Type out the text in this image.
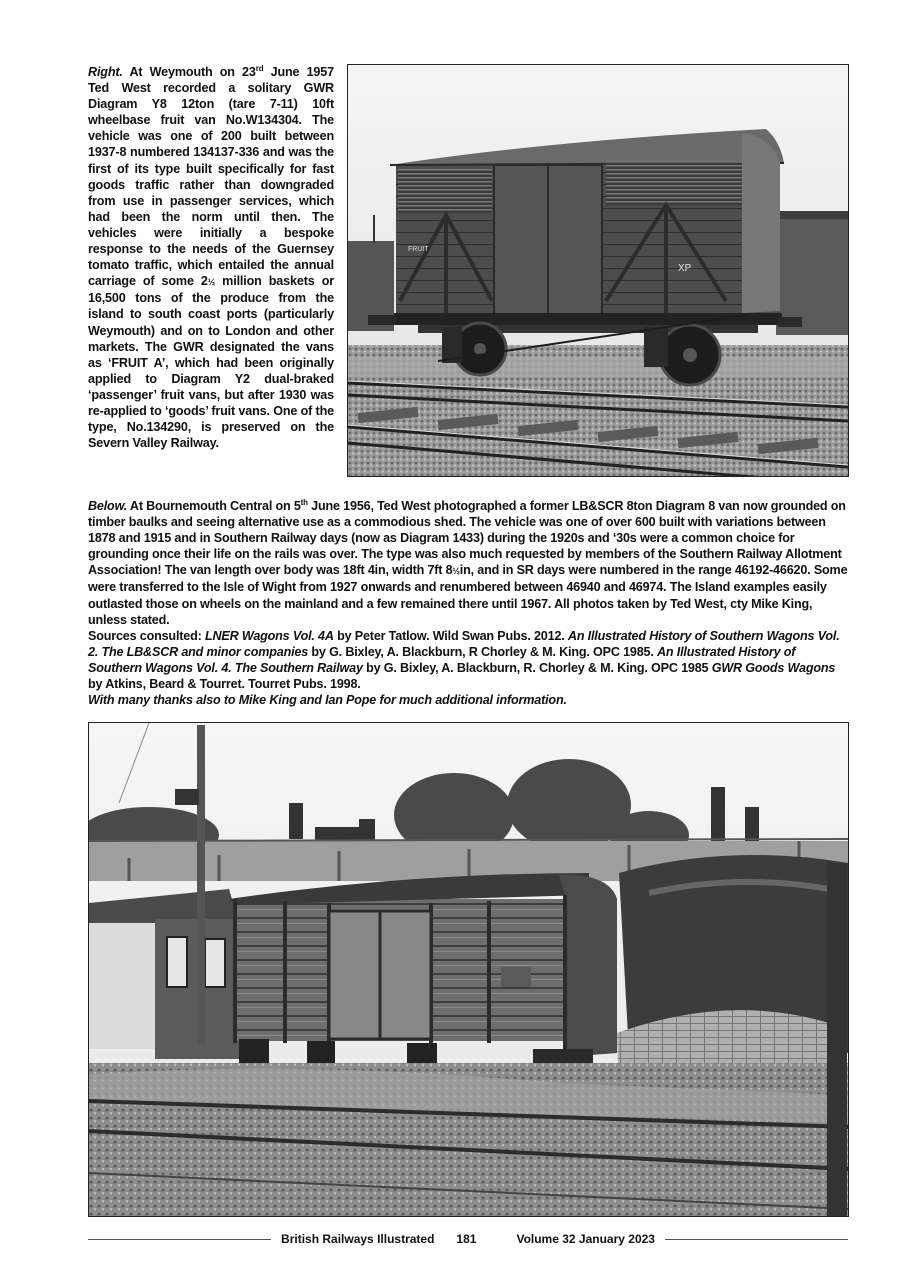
Right. At Weymouth on 23rd June 1957 Ted West recorded a solitary GWR Diagram Y8 12ton (tare 7-11) 10ft wheelbase fruit van No.W134304. The vehicle was one of 200 built between 1937-8 numbered 134137-336 and was the first of its type built specifically for fast goods traffic rather than downgraded from use in passenger services, which had been the norm until then. The vehicles were initially a bespoke response to the needs of the Guernsey tomato traffic, which entailed the annual carriage of some 2½ million baskets or 16,500 tons of the produce from the island to south coast ports (particularly Weymouth) and on to London and other markets. The GWR designated the vans as ‘FRUIT A’, which had been originally applied to Diagram Y2 dual-braked ‘passenger’ fruit vans, but after 1930 was re-applied to ‘goods’ fruit vans. One of the type, No.134290, is preserved on the Severn Valley Railway.
FRUIT
XP

Below. At Bournemouth Central on 5th June 1956, Ted West photographed a former LB&SCR 8ton Diagram 8 van now grounded on timber baulks and seeing alternative use as a commodious shed. The vehicle was one of over 600 built with variations between 1878 and 1915 and in Southern Railway days (now as Diagram 1433) during the 1920s and ‘30s were a common choice for grounding once their life on the rails was over. The type was also much requested by members of the Southern Railway Allotment Association! The van length over body was 18ft 4in, width 7ft 8½in, and in SR days were numbered in the range 46192-46620. Some were transferred to the Isle of Wight from 1927 onwards and renumbered between 46940 and 46974. The Island examples easily outlasted those on wheels on the mainland and a few remained there until 1967. All photos taken by Ted West, cty Mike King, unless stated.

Sources consulted: LNER Wagons Vol. 4A by Peter Tatlow. Wild Swan Pubs. 2012. An Illustrated History of Southern Wagons Vol. 2. The LB&SCR and minor companies by G. Bixley, A. Blackburn, R Chorley & M. King. OPC 1985. An Illustrated History of Southern Wagons Vol. 4. The Southern Railway by G. Bixley, A. Blackburn, R. Chorley & M. King. OPC 1985 GWR Goods Wagons by Atkins, Beard & Tourret. Tourret Pubs. 1998.

With many thanks also to Mike King and Ian Pope for much additional information.

British Railways Illustrated 181	Volume 32 January 2023
